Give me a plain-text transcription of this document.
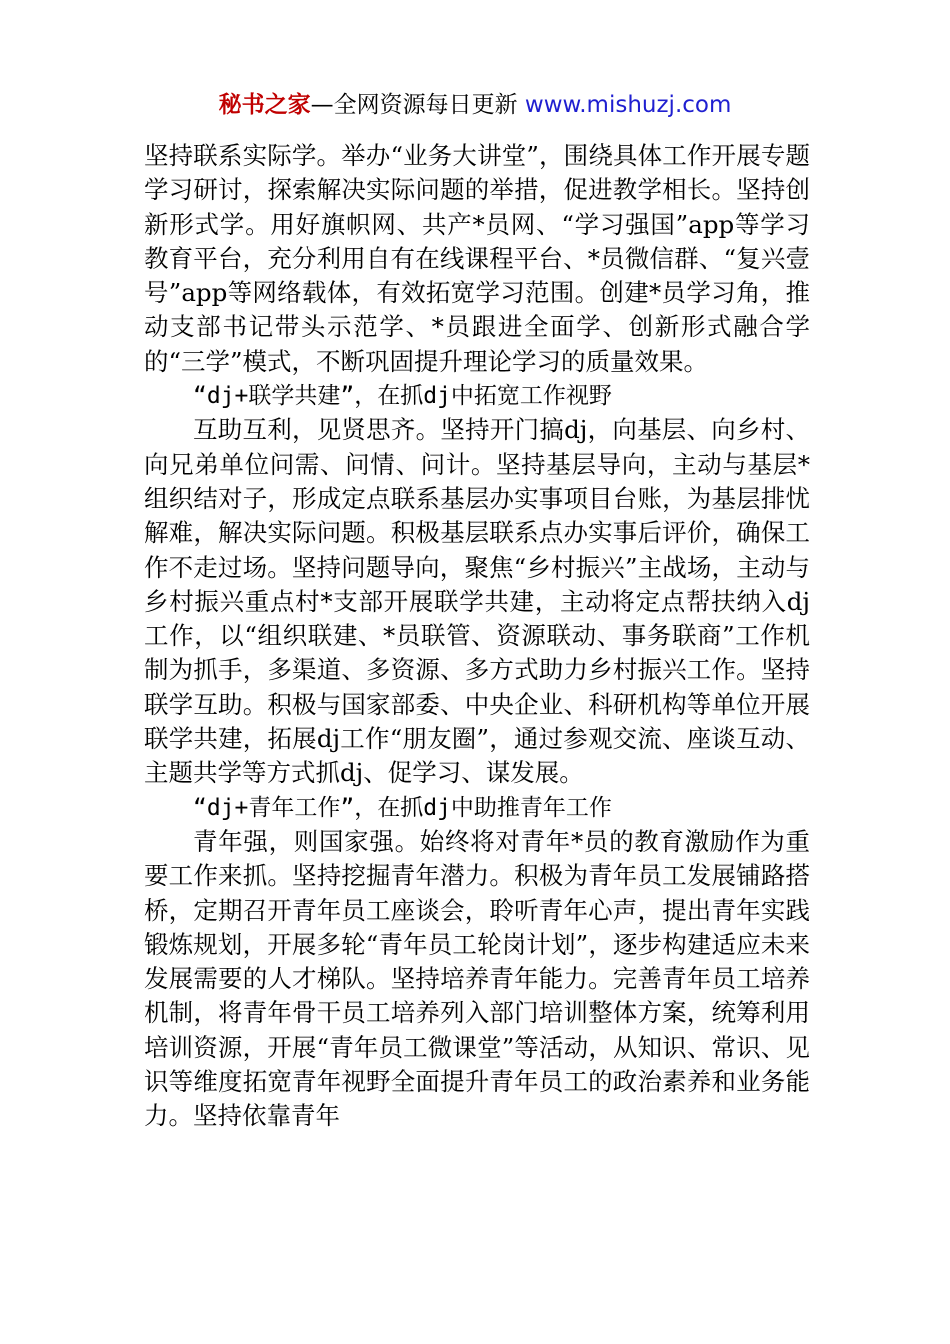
秘书之家—全网资源每日更新 www.mishuzj.com

坚持联系实际学。举办“业务大讲堂”，围绕具体工作开展专题学习研讨，探索解决实际问题的举措，促进教学相长。坚持创新形式学。用好旗帜网、共产*员网、“学习强国”app等学习教育平台，充分利用自有在线课程平台、*员微信群、“复兴壹号”app等网络载体，有效拓宽学习范围。创建*员学习角，推动支部书记带头示范学、*员跟进全面学、创新形式融合学的“三学”模式，不断巩固提升理论学习的质量效果。

“dj+联学共建”，在抓dj中拓宽工作视野

互助互利，见贤思齐。坚持开门搞dj，向基层、向乡村、向兄弟单位问需、问情、问计。坚持基层导向，主动与基层*组织结对子，形成定点联系基层办实事项目台账，为基层排忧解难，解决实际问题。积极基层联系点办实事后评价，确保工作不走过场。坚持问题导向，聚焦“乡村振兴”主战场，主动与乡村振兴重点村*支部开展联学共建，主动将定点帮扶纳入dj工作，以“组织联建、*员联管、资源联动、事务联商”工作机制为抓手，多渠道、多资源、多方式助力乡村振兴工作。坚持联学互助。积极与国家部委、中央企业、科研机构等单位开展联学共建，拓展dj工作“朋友圈”，通过参观交流、座谈互动、主题共学等方式抓dj、促学习、谋发展。

“dj+青年工作”，在抓dj中助推青年工作

青年强，则国家强。始终将对青年*员的教育激励作为重要工作来抓。坚持挖掘青年潜力。积极为青年员工发展铺路搭桥，定期召开青年员工座谈会，聆听青年心声，提出青年实践锻炼规划，开展多轮“青年员工轮岗计划”，逐步构建适应未来发展需要的人才梯队。坚持培养青年能力。完善青年员工培养机制，将青年骨干员工培养列入部门培训整体方案，统筹利用培训资源，开展“青年员工微课堂”等活动，从知识、常识、见识等维度拓宽青年视野全面提升青年员工的政治素养和业务能力。坚持依靠青年
